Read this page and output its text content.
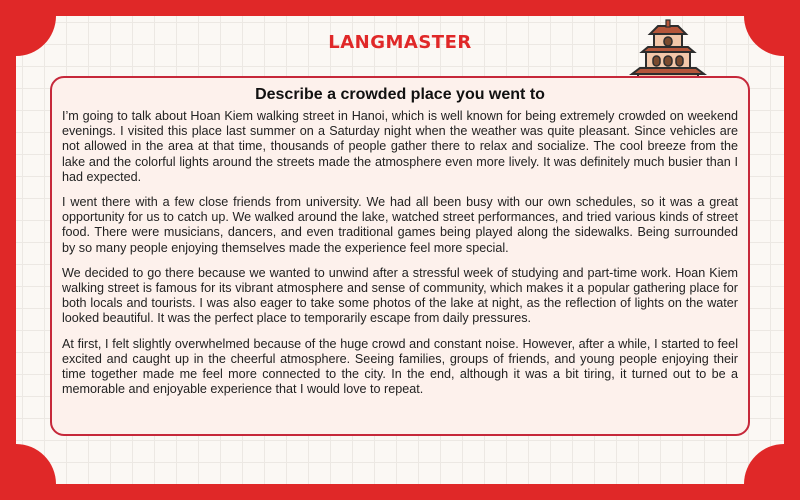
LANGMASTER
Describe a crowded place you went to

I’m going to talk about Hoan Kiem walking street in Hanoi, which is well known for being extremely crowded on weekend evenings. I visited this place last summer on a Saturday night when the weather was quite pleasant. Since vehicles are not allowed in the area at that time, thousands of people gather there to relax and socialize. The cool breeze from the lake and the colorful lights around the streets made the atmosphere even more lively. It was definitely much busier than I had expected.

I went there with a few close friends from university. We had all been busy with our own schedules, so it was a great opportunity for us to catch up. We walked around the lake, watched street performances, and tried various kinds of street food. There were musicians, dancers, and even traditional games being played along the sidewalks. Being surrounded by so many people enjoying themselves made the experience feel more special.

We decided to go there because we wanted to unwind after a stressful week of studying and part-time work. Hoan Kiem walking street is famous for its vibrant atmosphere and sense of community, which makes it a popular gathering place for both locals and tourists. I was also eager to take some photos of the lake at night, as the reflection of lights on the water looked beautiful. It was the perfect place to temporarily escape from daily pressures.

At first, I felt slightly overwhelmed because of the huge crowd and constant noise. However, after a while, I started to feel excited and caught up in the cheerful atmosphere. Seeing families, groups of friends, and young people enjoying their time together made me feel more connected to the city. In the end, although it was a bit tiring, it turned out to be a memorable and enjoyable experience that I would love to repeat.
